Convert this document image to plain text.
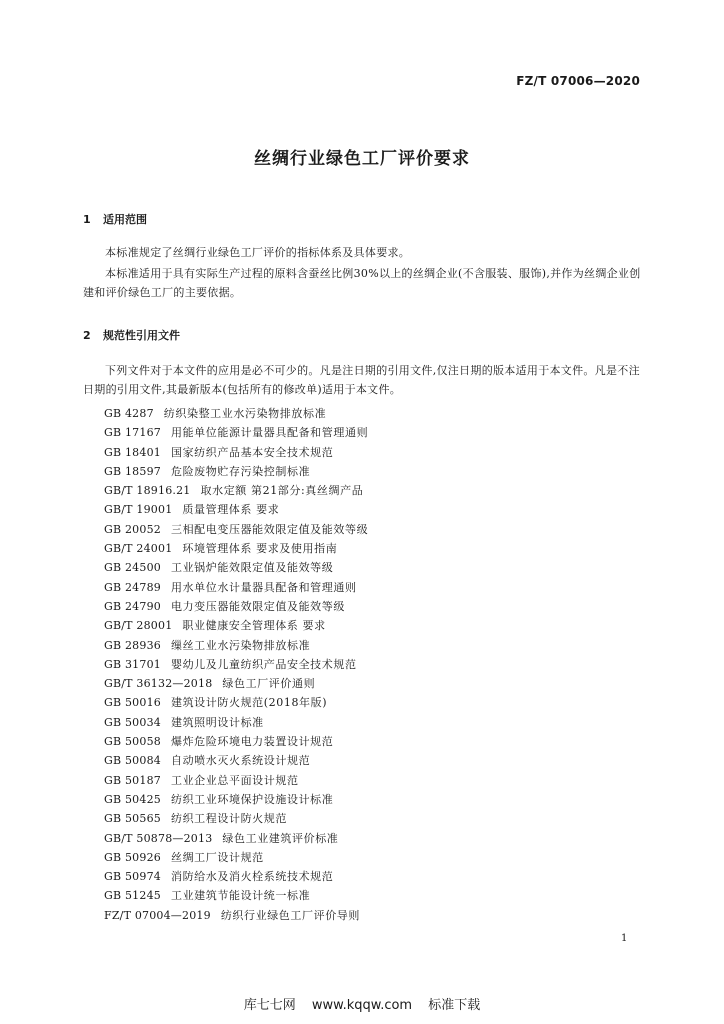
FZ/T 07006—2020
丝绸行业绿色工厂评价要求
1 适用范围
本标准规定了丝绸行业绿色工厂评价的指标体系及具体要求。
本标准适用于具有实际生产过程的原料含蚕丝比例30%以上的丝绸企业(不含服装、服饰),并作为丝绸企业创建和评价绿色工厂的主要依据。
2 规范性引用文件
下列文件对于本文件的应用是必不可少的。凡是注日期的引用文件,仅注日期的版本适用于本文件。凡是不注日期的引用文件,其最新版本(包括所有的修改单)适用于本文件。
GB 4287 纺织染整工业水污染物排放标准
GB 17167 用能单位能源计量器具配备和管理通则
GB 18401 国家纺织产品基本安全技术规范
GB 18597 危险废物贮存污染控制标准
GB/T 18916.21 取水定额 第21部分:真丝绸产品
GB/T 19001 质量管理体系 要求
GB 20052 三相配电变压器能效限定值及能效等级
GB/T 24001 环境管理体系 要求及使用指南
GB 24500 工业锅炉能效限定值及能效等级
GB 24789 用水单位水计量器具配备和管理通则
GB 24790 电力变压器能效限定值及能效等级
GB/T 28001 职业健康安全管理体系 要求
GB 28936 缫丝工业水污染物排放标准
GB 31701 婴幼儿及儿童纺织产品安全技术规范
GB/T 36132—2018 绿色工厂评价通则
GB 50016 建筑设计防火规范(2018年版)
GB 50034 建筑照明设计标准
GB 50058 爆炸危险环境电力装置设计规范
GB 50084 自动喷水灭火系统设计规范
GB 50187 工业企业总平面设计规范
GB 50425 纺织工业环境保护设施设计标准
GB 50565 纺织工程设计防火规范
GB/T 50878—2013 绿色工业建筑评价标准
GB 50926 丝绸工厂设计规范
GB 50974 消防给水及消火栓系统技术规范
GB 51245 工业建筑节能设计统一标准
FZ/T 07004—2019 纺织行业绿色工厂评价导则
1
库七七网 www.kqqw.com 标准下载
